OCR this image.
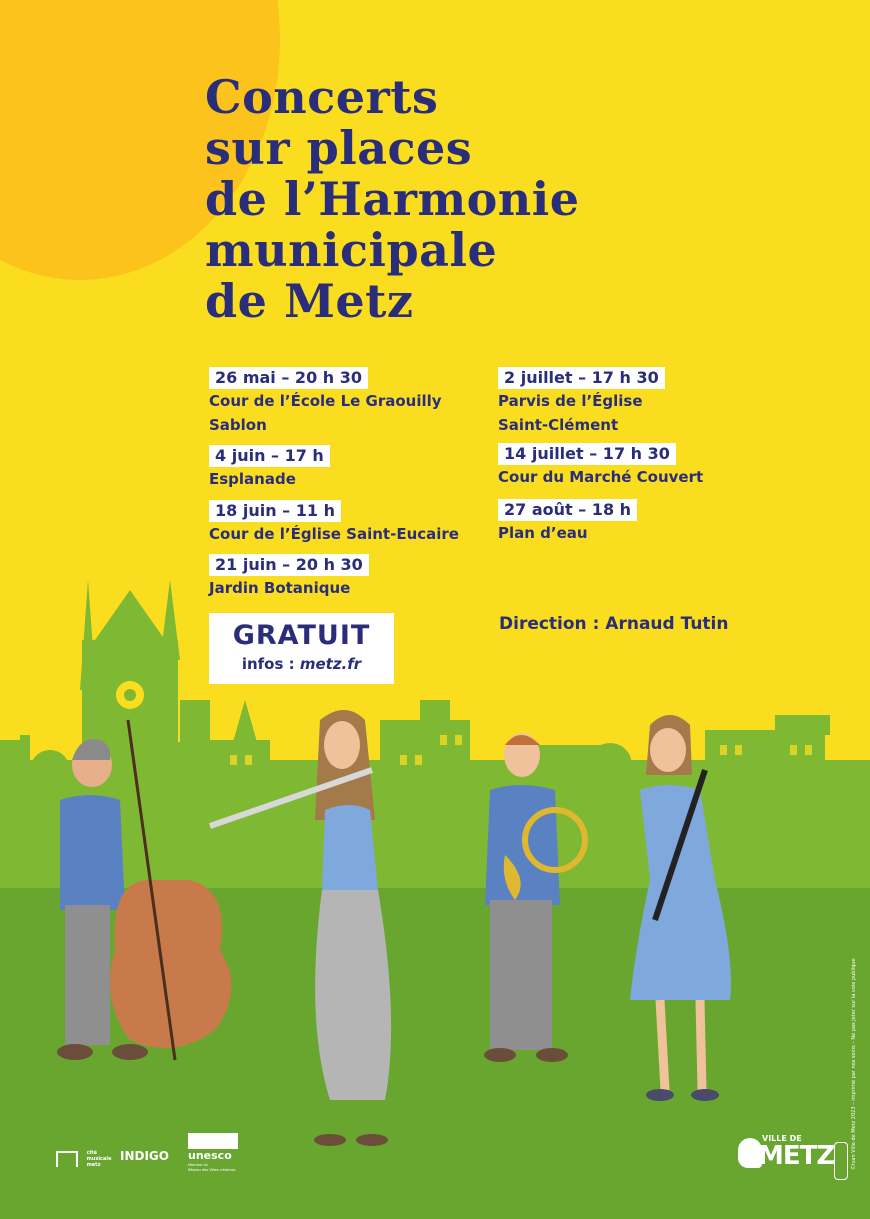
Concerts
sur places
de l’Harmonie
municipale
de Metz
26 mai – 20 h 30
Cour de l’École Le Graouilly
Sablon
4 juin – 17 h
Esplanade
18 juin – 11 h
Cour de l’Église Saint-Eucaire
21 juin – 20 h 30
Jardin Botanique
2 juillet – 17 h 30
Parvis de l’Église
Saint-Clément
14 juillet – 17 h 30
Cour du Marché Couvert
27 août – 18 h
Plan d’eau
GRATUIT
infos : metz.fr
Direction : Arnaud Tutin

cité
musicale
metz
INDIGO unesco
Membre du
Réseau des Villes créatives
VILLE DE
METZ	©Ivan Ville de Metz 2023 – imprimé par nos soins – Ne pas jeter sur la voie publique
